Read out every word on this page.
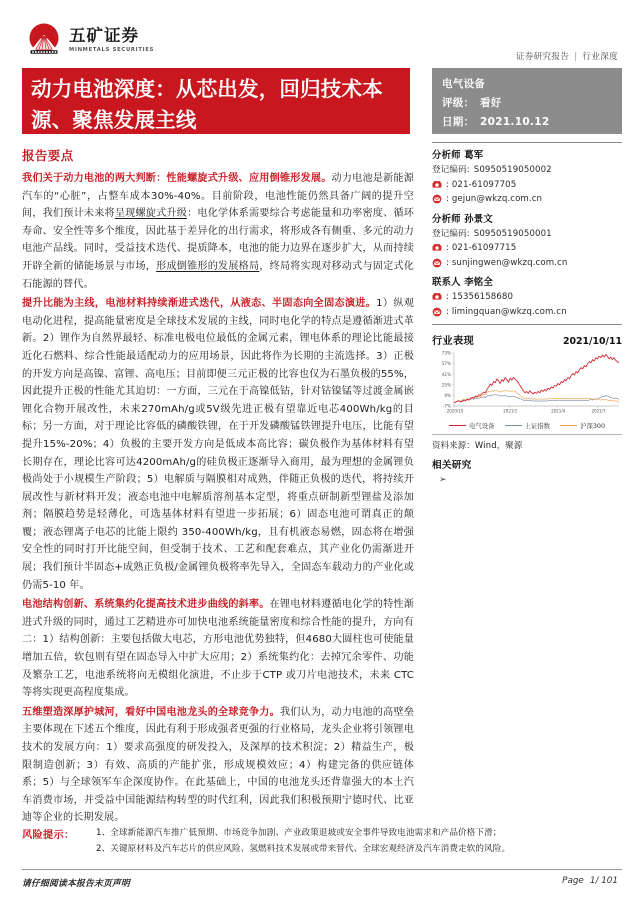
五矿证券
MINMETALS SECURITIES
证券研究报告 | 行业深度
动力电池深度：从芯出发，回归技术本
源、聚焦发展主线
电气设备
评级： 看好
日期： 2021.10.12
报告要点

我们关于动力电池的两大判断：性能螺旋式升级、应用倒锥形发展。动力电池是新能源汽车的“心脏”，占整车成本30%-40%。目前阶段，电池性能仍然具备广阔的提升空间，我们预计未来将呈现螺旋式升级：电化学体系需要综合考虑能量和功率密度、循环寿命、安全性等多个维度，因此基于差异化的出行需求，将形成各有侧重、多元的动力电池产品线。同时，受益技术迭代、提质降本，电池的能力边界在逐步扩大，从而持续开辟全新的储能场景与市场，形成倒锥形的发展格局，终局将实现对移动式与固定式化石能源的替代。

提升比能为主线，电池材料持续渐进式迭代，从液态、半固态向全固态演进。1）纵观电动化进程，提高能量密度是全球技术发展的主线，同时电化学的特点是遵循渐进式革新。2）锂作为自然界最轻、标准电极电位最低的金属元素，锂电体系的理论比能最接近化石燃料、综合性能最适配动力的应用场景，因此将作为长期的主流选择。3）正极的开发方向是高镍、富锂、高电压；目前即便三元正极的比容也仅为石墨负极的55%，因此提升正极的性能尤其迫切：一方面，三元在于高镍低钴，针对钴镍锰等过渡金属嵌锂化合物开展改性，未来270mAh/g或5V级先进正极有望靠近电芯400Wh/kg的目标；另一方面，对于理论比容低的磷酸铁锂，在于开发磷酸锰铁锂提升电压，比能有望提升15%-20%；4）负极的主要开发方向是低成本高比容；碳负极作为基体材料有望长期存在，理论比容可达4200mAh/g的硅负极正逐渐导入商用，最为理想的金属锂负极尚处于小规模生产阶段；5）电解质与隔膜相对成熟，伴随正负极的迭代，将持续开展改性与新材料开发；液态电池中电解质溶剂基本定型，将重点研制新型锂盐及添加剂；隔膜趋势是轻薄化，可选基体材料有望进一步拓展；6）固态电池可谓真正的颠覆；液态锂离子电芯的比能上限约 350-400Wh/kg，且有机液态易燃，固态将在增强安全性的同时打开比能空间，但受制于技术、工艺和配套难点，其产业化仍需渐进开展；我们预计半固态+成熟正负极/金属锂负极将率先导入，全固态车载动力的产业化或仍需5-10 年。

电池结构创新、系统集约化提高技术进步曲线的斜率。在锂电材料遵循电化学的特性渐进式升级的同时，通过工艺精进亦可加快电池系统能量密度和综合性能的提升，方向有二：1）结构创新：主要包括做大电芯，方形电池优势独特，但4680大圆柱也可使能量增加五倍，软包则有望在固态导入中扩大应用；2）系统集约化：去掉冗余零件、功能及繁杂工艺，电池系统将向无模组化演进，不止步于CTP 或刀片电池技术，未来 CTC 等将实现更高程度集成。

五维塑造深厚护城河，看好中国电池龙头的全球竞争力。我们认为，动力电池的高壁垒主要体现在下述五个维度，因此有利于形成强者更强的行业格局，龙头企业将引领锂电技术的发展方向：1）要求高强度的研发投入，及深厚的技术积淀；2）精益生产，极限制造创新；3）有效、高质的产能扩张，形成规模效应；4）构建完备的供应链体系；5）与全球领军车企深度协作。在此基础上，中国的电池龙头还背靠强大的本土汽车消费市场，并受益中国能源结构转型的时代红利，因此我们积极预期宁德时代、比亚迪等企业的长期发展。

分析师 葛军
登记编码: S0950519050002
: 021-61097705
: gejun@wkzq.com.cn
分析师 孙景文
登记编码: S0950519050001
: 021-61097715
: sunjingwen@wkzq.com.cn
联系人 李铭全
: 15356158680
: limingquan@wkzq.com.cn
行业表现	2021/10/11
73%
57%
41%
25%
9%
-7%
2020/10	2021/1	2021/4	2021/7
电气设备	上证指数	沪深300
资料来源：Wind，聚源
相关研究
➢
风险提示：	1、全球新能源汽车推广低预期、市场竞争加剧、产业政策退坡或安全事件导致电池需求和产品价格下滑；
2、关键原材料及汽车芯片的供应风险、氢燃料技术发展或带来替代、全球宏观经济及汽车消费走软的风险。
请仔细阅读本报告末页声明	Page 1/ 101
